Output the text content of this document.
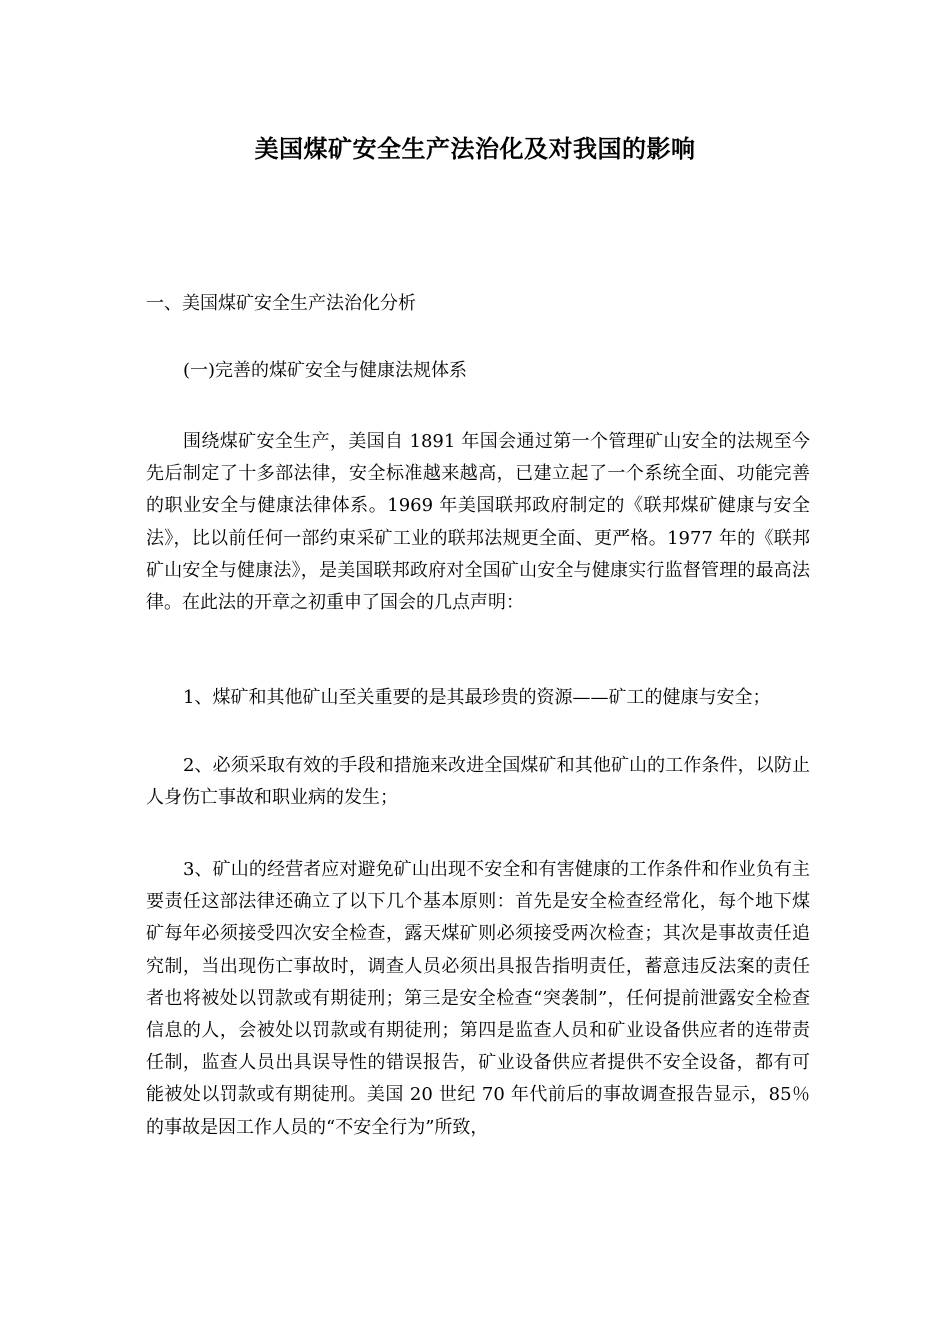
美国煤矿安全生产法治化及对我国的影响

一、美国煤矿安全生产法治化分析

(一)完善的煤矿安全与健康法规体系

围绕煤矿安全生产，美国自 1891 年国会通过第一个管理矿山安全的法规至今先后制定了十多部法律，安全标准越来越高，已建立起了一个系统全面、功能完善的职业安全与健康法律体系。1969 年美国联邦政府制定的《联邦煤矿健康与安全法》，比以前任何一部约束采矿工业的联邦法规更全面、更严格。1977 年的《联邦矿山安全与健康法》，是美国联邦政府对全国矿山安全与健康实行监督管理的最高法律。在此法的开章之初重申了国会的几点声明：

1、煤矿和其他矿山至关重要的是其最珍贵的资源——矿工的健康与安全；

2、必须采取有效的手段和措施来改进全国煤矿和其他矿山的工作条件，以防止人身伤亡事故和职业病的发生；

3、矿山的经营者应对避免矿山出现不安全和有害健康的工作条件和作业负有主要责任这部法律还确立了以下几个基本原则：首先是安全检查经常化，每个地下煤矿每年必须接受四次安全检查，露天煤矿则必须接受两次检查；其次是事故责任追究制，当出现伤亡事故时，调查人员必须出具报告指明责任，蓄意违反法案的责任者也将被处以罚款或有期徒刑；第三是安全检查“突袭制”，任何提前泄露安全检查信息的人，会被处以罚款或有期徒刑；第四是监查人员和矿业设备供应者的连带责任制，监查人员出具误导性的错误报告，矿业设备供应者提供不安全设备，都有可能被处以罚款或有期徒刑。美国 20 世纪 70 年代前后的事故调查报告显示，85％的事故是因工作人员的“不安全行为”所致，
